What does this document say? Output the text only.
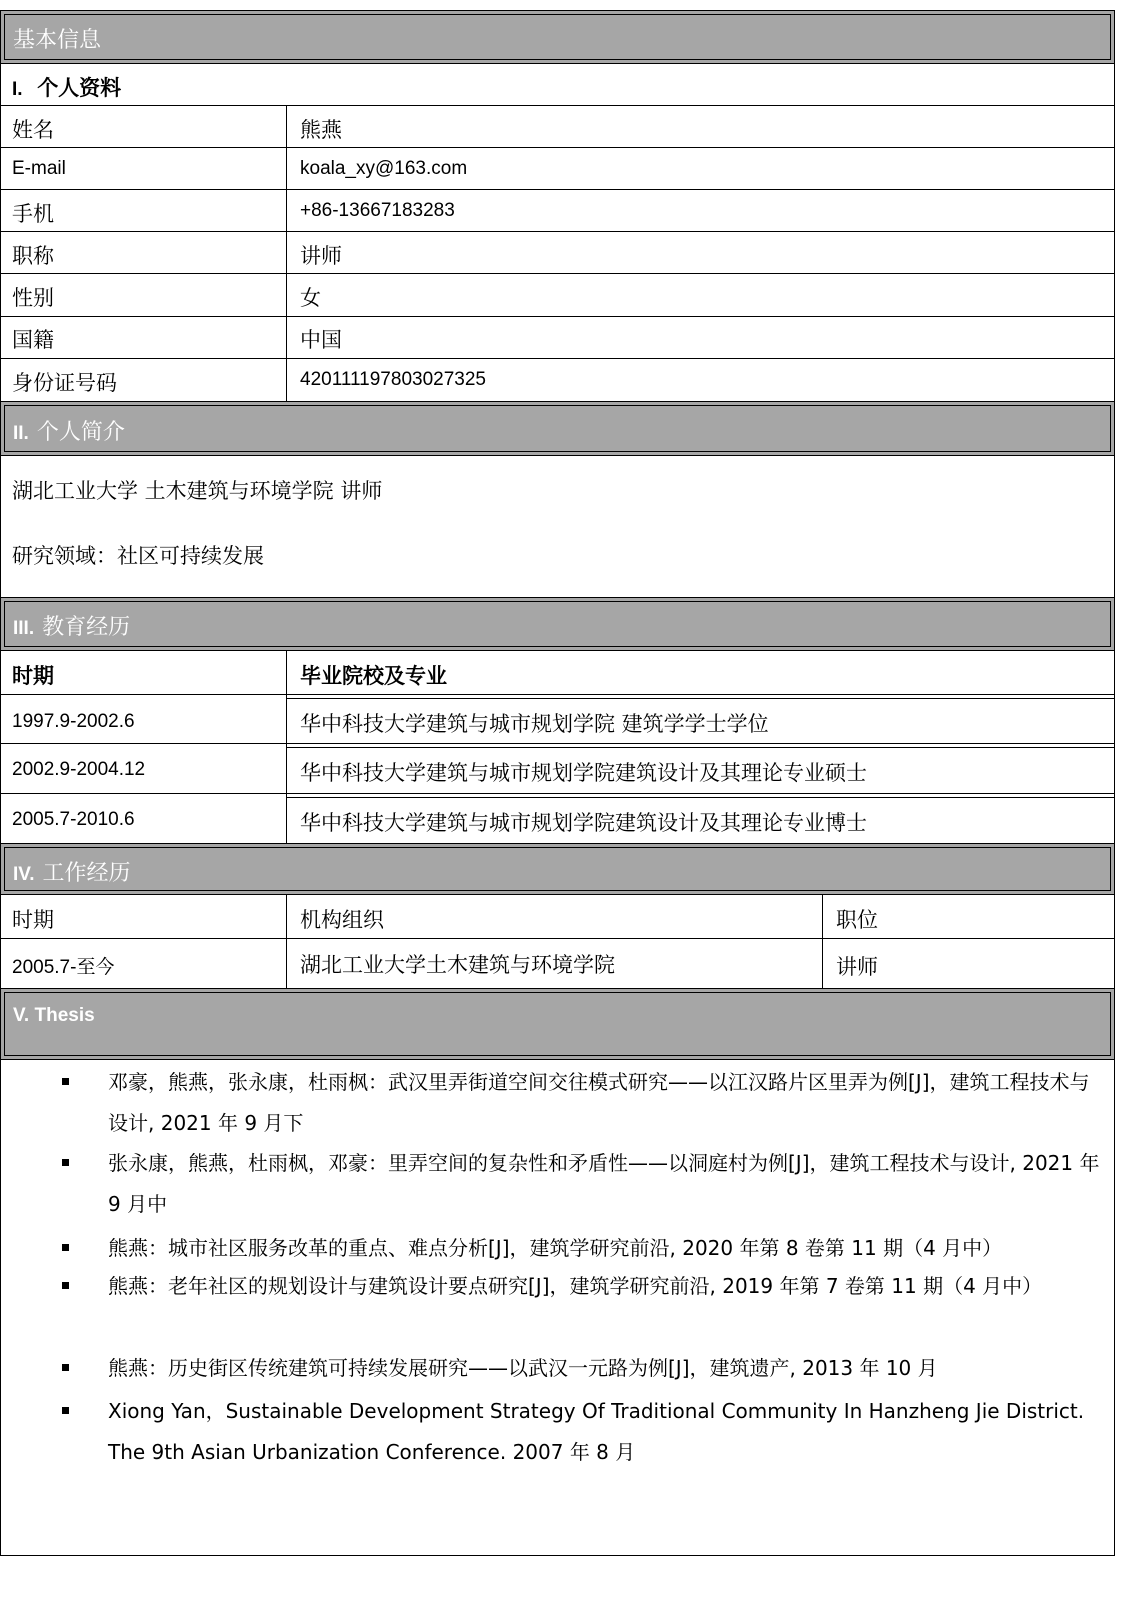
基本信息
I. 个人资料
姓名	熊燕
E-mail	koala_xy@163.com
手机	+86-13667183283
职称	讲师
性别	女
国籍	中国
身份证号码	420111197803027325
II. 个人简介
湖北工业大学 土木建筑与环境学院 讲师
研究领域：社区可持续发展
III. 教育经历
时期	毕业院校及专业
1997.9-2002.6	华中科技大学建筑与城市规划学院 建筑学学士学位
2002.9-2004.12	华中科技大学建筑与城市规划学院建筑设计及其理论专业硕士
2005.7-2010.6	华中科技大学建筑与城市规划学院建筑设计及其理论专业博士
IV. 工作经历
时期	机构组织	职位
2005.7-至今	湖北工业大学土木建筑与环境学院	讲师
V. Thesis
邓豪，熊燕，张永康，杜雨枫：武汉里弄街道空间交往模式研究——以江汉路片区里弄为例[J]，建筑工程技术与设计, 2021 年 9 月下
张永康，熊燕，杜雨枫，邓豪：里弄空间的复杂性和矛盾性——以洞庭村为例[J]，建筑工程技术与设计, 2021 年 9 月中
熊燕：城市社区服务改革的重点、难点分析[J]，建筑学研究前沿, 2020 年第 8 卷第 11 期（4 月中）
熊燕：老年社区的规划设计与建筑设计要点研究[J]，建筑学研究前沿, 2019 年第 7 卷第 11 期（4 月中）
熊燕：历史街区传统建筑可持续发展研究——以武汉一元路为例[J]，建筑遗产, 2013 年 10 月
Xiong Yan，Sustainable Development Strategy Of Traditional Community In Hanzheng Jie District. The 9th Asian Urbanization Conference. 2007 年 8 月
